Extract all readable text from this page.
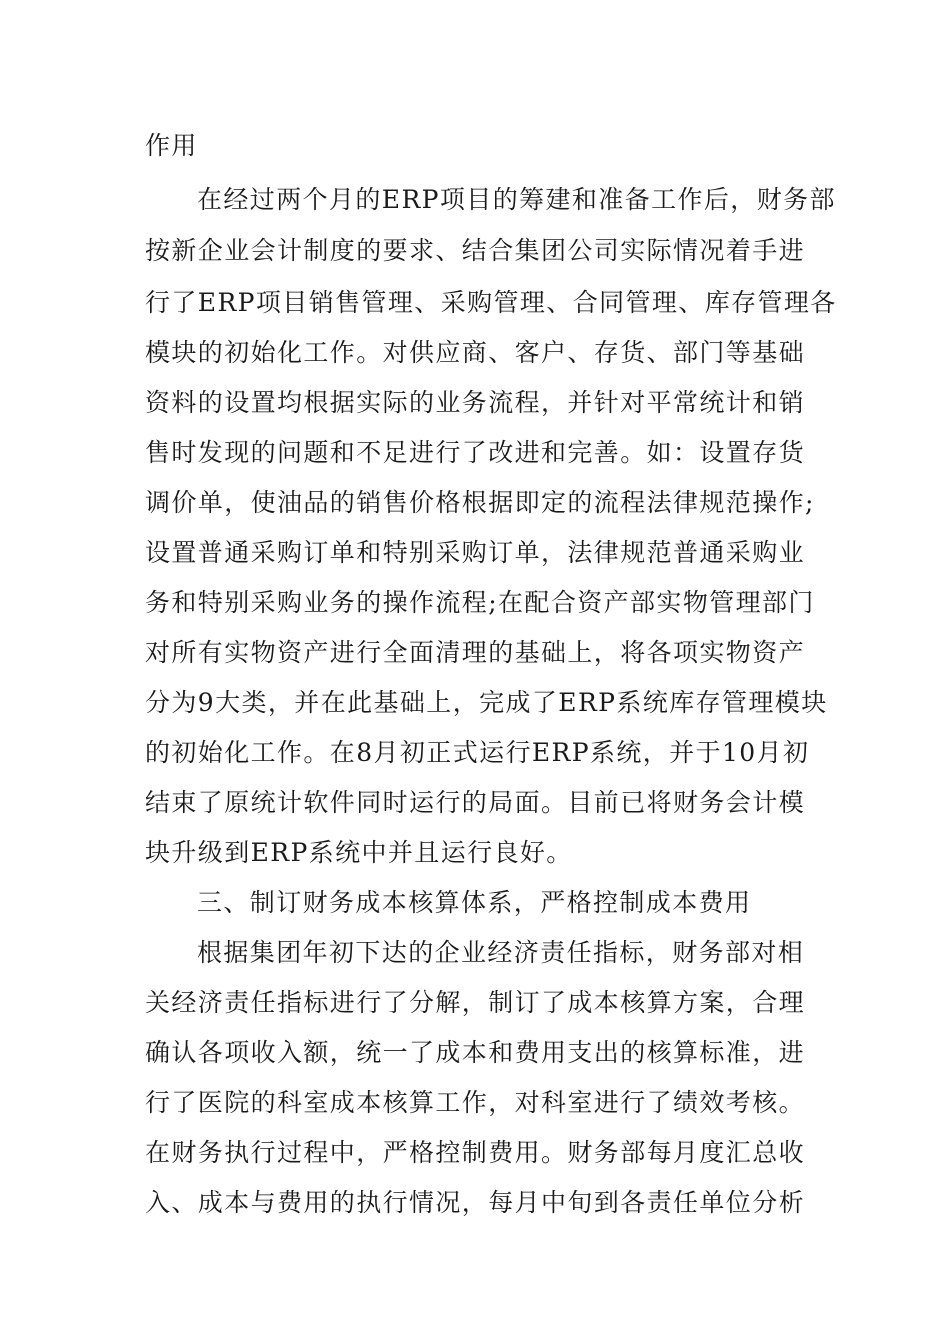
作用
在经过两个月的ERP项目的筹建和准备工作后，财务部
按新企业会计制度的要求、结合集团公司实际情况着手进
行了ERP项目销售管理、采购管理、合同管理、库存管理各
模块的初始化工作。对供应商、客户、存货、部门等基础
资料的设置均根据实际的业务流程，并针对平常统计和销
售时发现的问题和不足进行了改进和完善。如：设置存货
调价单，使油品的销售价格根据即定的流程法律规范操作;
设置普通采购订单和特别采购订单，法律规范普通采购业
务和特别采购业务的操作流程;在配合资产部实物管理部门
对所有实物资产进行全面清理的基础上，将各项实物资产
分为9大类，并在此基础上，完成了ERP系统库存管理模块
的初始化工作。在8月初正式运行ERP系统，并于10月初
结束了原统计软件同时运行的局面。目前已将财务会计模
块升级到ERP系统中并且运行良好。
三、制订财务成本核算体系，严格控制成本费用
根据集团年初下达的企业经济责任指标，财务部对相
关经济责任指标进行了分解，制订了成本核算方案，合理
确认各项收入额，统一了成本和费用支出的核算标准，进
行了医院的科室成本核算工作，对科室进行了绩效考核。
在财务执行过程中，严格控制费用。财务部每月度汇总收
入、成本与费用的执行情况，每月中旬到各责任单位分析
